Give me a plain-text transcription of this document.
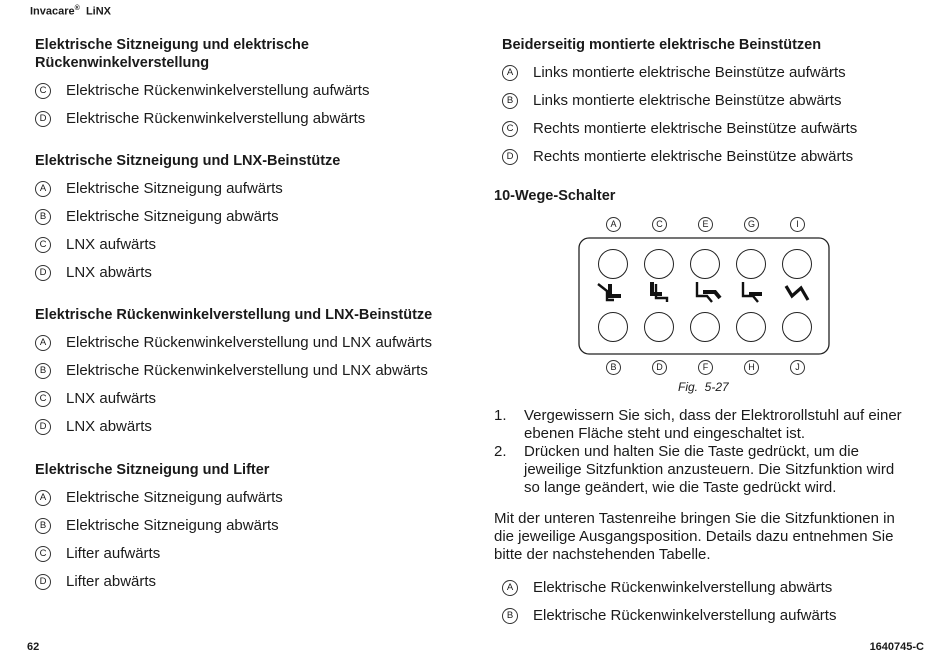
Invacare® LiNX
Elektrische Sitzneigung und elektrische
Rückenwinkelverstellung
C	Elektrische Rückenwinkelverstellung aufwärts
D	Elektrische Rückenwinkelverstellung abwärts
Elektrische Sitzneigung und LNX-Beinstütze
A	Elektrische Sitzneigung aufwärts
B	Elektrische Sitzneigung abwärts
C	LNX aufwärts
D	LNX abwärts
Elektrische Rückenwinkelverstellung und LNX-Beinstütze
A	Elektrische Rückenwinkelverstellung und LNX aufwärts
B	Elektrische Rückenwinkelverstellung und LNX abwärts
C	LNX aufwärts
D	LNX abwärts
Elektrische Sitzneigung und Lifter
A	Elektrische Sitzneigung aufwärts
B	Elektrische Sitzneigung abwärts
C	Lifter aufwärts
D	Lifter abwärts
Beiderseitig montierte elektrische Beinstützen
A	Links montierte elektrische Beinstütze aufwärts
B	Links montierte elektrische Beinstütze abwärts
C	Rechts montierte elektrische Beinstütze aufwärts
D	Rechts montierte elektrische Beinstütze abwärts
10-Wege-Schalter
A	C	E	G	I
B	D	F	H	J
Fig.  5-27
1. Vergewissern Sie sich, dass der Elektrorollstuhl auf einer ebenen Fläche steht und eingeschaltet ist.
2. Drücken und halten Sie die Taste gedrückt, um die jeweilige Sitzfunktion anzusteuern. Die Sitzfunktion wird so lange geändert, wie die Taste gedrückt wird.
Mit der unteren Tastenreihe bringen Sie die Sitzfunktionen in die jeweilige Ausgangsposition. Details dazu entnehmen Sie bitte der nachstehenden Tabelle.
A	Elektrische Rückenwinkelverstellung abwärts
B	Elektrische Rückenwinkelverstellung aufwärts
62	1640745-C
